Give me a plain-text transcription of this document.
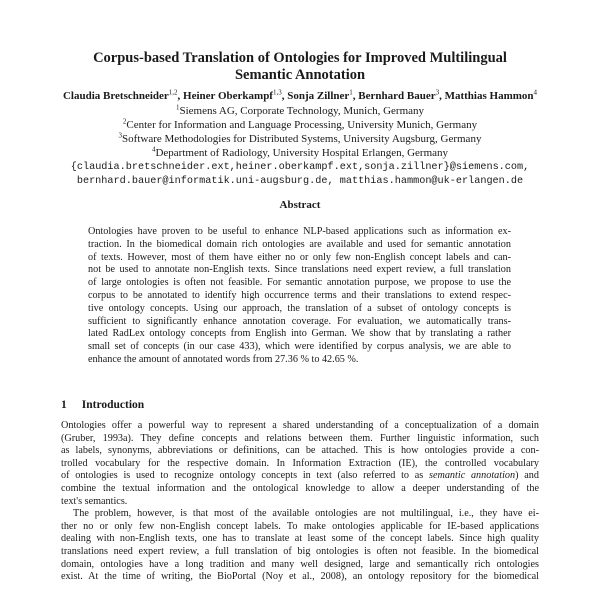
Corpus-based Translation of Ontologies for Improved Multilingual
Semantic Annotation
Claudia Bretschneider$^{1,2}$, Heiner Oberkampf$^{1,3}$, Sonja Zillner$^1$, Bernhard Bauer$^3$, Matthias Hammon$^4$
$^1$Siemens AG, Corporate Technology, Munich, Germany
$^2$Center for Information and Language Processing, University Munich, Germany
$^3$Software Methodologies for Distributed Systems, University Augsburg, Germany
$^4$Department of Radiology, University Hospital Erlangen, Germany
{claudia.bretschneider.ext,heiner.oberkampf.ext,sonja.zillner}@siemens.com,
bernhard.bauer@informatik.uni-augsburg.de, matthias.hammon@uk-erlangen.de
Abstract
Ontologies have proven to be useful to enhance NLP-based applications such as information ex-
traction. In the biomedical domain rich ontologies are available and used for semantic annotation
of texts. However, most of them have either no or only few non-English concept labels and can-
not be used to annotate non-English texts. Since translations need expert review, a full translation
of large ontologies is often not feasible. For semantic annotation purpose, we propose to use the
corpus to be annotated to identify high occurrence terms and their translations to extend respec-
tive ontology concepts. Using our approach, the translation of a subset of ontology concepts is
sufficient to significantly enhance annotation coverage. For evaluation, we automatically trans-
lated RadLex ontology concepts from English into German. We show that by translating a rather
small set of concepts (in our case 433), which were identified by corpus analysis, we are able to
enhance the amount of annotated words from 27.36 % to 42.65 %.
1 Introduction
Ontologies offer a powerful way to represent a shared understanding of a conceptualization of a domain
(Gruber, 1993a). They define concepts and relations between them. Further linguistic information, such
as labels, synonyms, abbreviations or definitions, can be attached. This is how ontologies provide a con-
trolled vocabulary for the respective domain. In Information Extraction (IE), the controlled vocabulary
of ontologies is used to recognize ontology concepts in text (also referred to as semantic annotation) and
combine the textual information and the ontological knowledge to allow a deeper understanding of the
text's semantics.
The problem, however, is that most of the available ontologies are not multilingual, i.e., they have ei-
ther no or only few non-English concept labels. To make ontologies applicable for IE-based applications
dealing with non-English texts, one has to translate at least some of the concept labels. Since high quality
translations need expert review, a full translation of big ontologies is often not feasible. In the biomedical
domain, ontologies have a long tradition and many well designed, large and semantically rich ontologies
exist. At the time of writing, the BioPortal (Noy et al., 2008), an ontology repository for the biomedical
